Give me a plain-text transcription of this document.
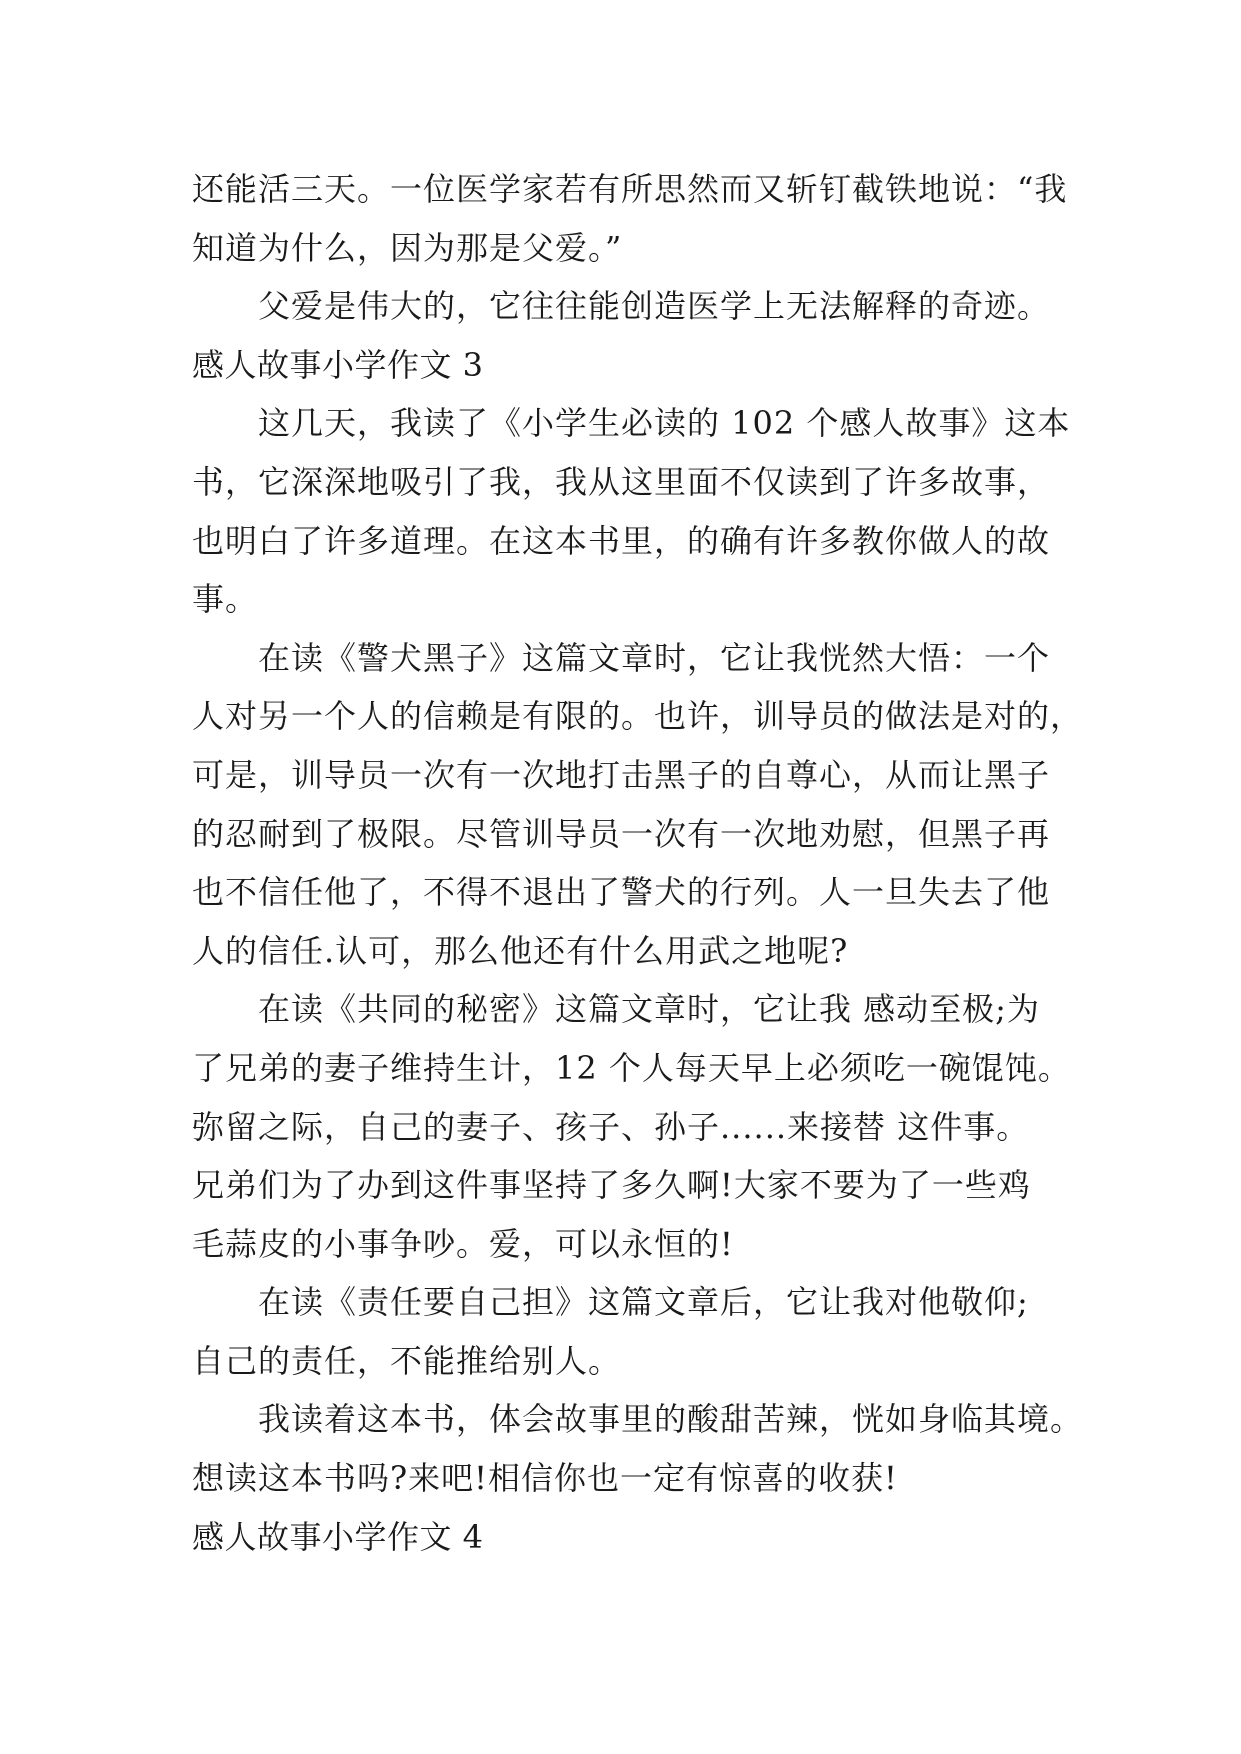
还能活三天。一位医学家若有所思然而又斩钉截铁地说：“我
知道为什么，因为那是父爱。”
父爱是伟大的，它往往能创造医学上无法解释的奇迹。
感人故事小学作文 3
这几天，我读了《小学生必读的 102 个感人故事》这本
书，它深深地吸引了我，我从这里面不仅读到了许多故事，
也明白了许多道理。在这本书里，的确有许多教你做人的故
事。
在读《警犬黑子》这篇文章时，它让我恍然大悟：一个
人对另一个人的信赖是有限的。也许，训导员的做法是对的，
可是，训导员一次有一次地打击黑子的自尊心，从而让黑子
的忍耐到了极限。尽管训导员一次有一次地劝慰，但黑子再
也不信任他了，不得不退出了警犬的行列。人一旦失去了他
人的信任.认可，那么他还有什么用武之地呢?
在读《共同的秘密》这篇文章时，它让我 感动至极;为
了兄弟的妻子维持生计，12 个人每天早上必须吃一碗馄饨。
弥留之际，自己的妻子、孩子、孙子......来接替 这件事。
兄弟们为了办到这件事坚持了多久啊!大家不要为了一些鸡
毛蒜皮的小事争吵。爱，可以永恒的!
在读《责任要自己担》这篇文章后，它让我对他敬仰;
自己的责任，不能推给别人。
我读着这本书，体会故事里的酸甜苦辣，恍如身临其境。
想读这本书吗?来吧!相信你也一定有惊喜的收获!
感人故事小学作文 4
